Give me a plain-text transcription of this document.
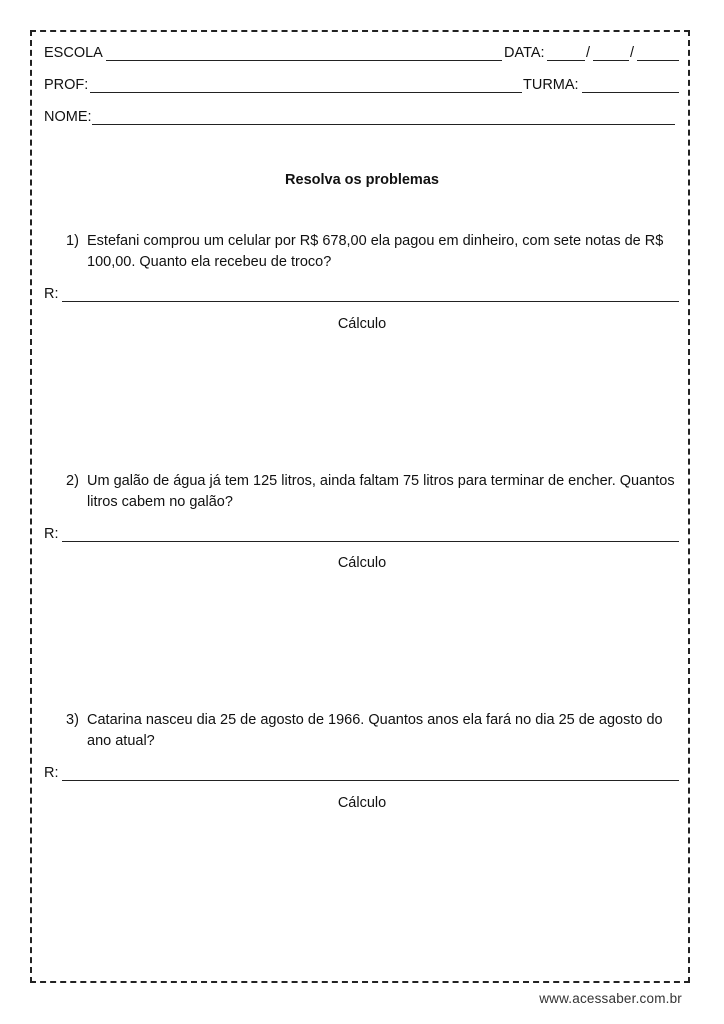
ESCOLA	DATA:	/	/
PROF:	TURMA:
NOME:
Resolva os problemas
1) Estefani comprou um celular por R$ 678,00 ela pagou em dinheiro, com sete notas de R$ 100,00. Quanto ela recebeu de troco?
R:
Cálculo
2) Um galão de água já tem 125 litros, ainda faltam 75 litros para terminar de encher. Quantos litros cabem no galão?
R:
Cálculo
3) Catarina nasceu dia 25 de agosto de 1966. Quantos anos ela fará no dia 25 de agosto do ano atual?
R:
Cálculo
www.acessaber.com.br
